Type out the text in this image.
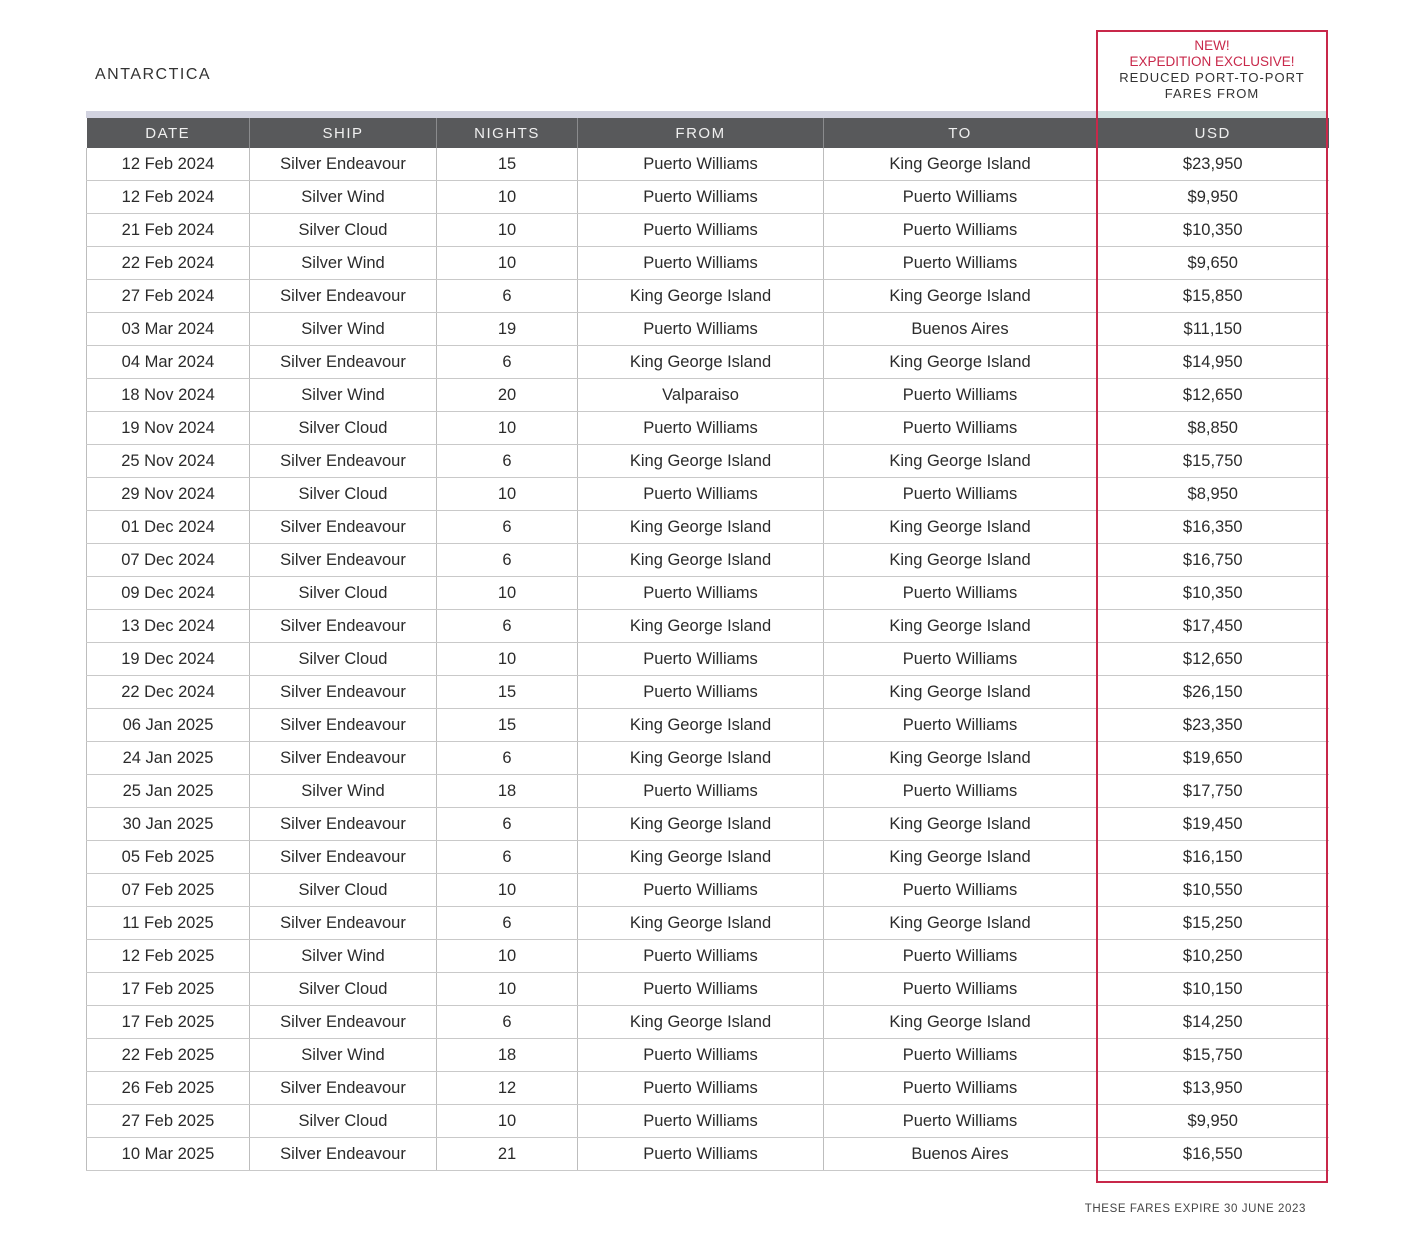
ANTARCTICA
NEW!
EXPEDITION EXCLUSIVE!
REDUCED PORT-TO-PORT
FARES FROM
DATE	SHIP	NIGHTS	FROM	TO	USD
12 Feb 2024	Silver Endeavour	15	Puerto Williams	King George Island	$23,950
12 Feb 2024	Silver Wind	10	Puerto Williams	Puerto Williams	$9,950
21 Feb 2024	Silver Cloud	10	Puerto Williams	Puerto Williams	$10,350
22 Feb 2024	Silver Wind	10	Puerto Williams	Puerto Williams	$9,650
27 Feb 2024	Silver Endeavour	6	King George Island	King George Island	$15,850
03 Mar 2024	Silver Wind	19	Puerto Williams	Buenos Aires	$11,150
04 Mar 2024	Silver Endeavour	6	King George Island	King George Island	$14,950
18 Nov 2024	Silver Wind	20	Valparaiso	Puerto Williams	$12,650
19 Nov 2024	Silver Cloud	10	Puerto Williams	Puerto Williams	$8,850
25 Nov 2024	Silver Endeavour	6	King George Island	King George Island	$15,750
29 Nov 2024	Silver Cloud	10	Puerto Williams	Puerto Williams	$8,950
01 Dec 2024	Silver Endeavour	6	King George Island	King George Island	$16,350
07 Dec 2024	Silver Endeavour	6	King George Island	King George Island	$16,750
09 Dec 2024	Silver Cloud	10	Puerto Williams	Puerto Williams	$10,350
13 Dec 2024	Silver Endeavour	6	King George Island	King George Island	$17,450
19 Dec 2024	Silver Cloud	10	Puerto Williams	Puerto Williams	$12,650
22 Dec 2024	Silver Endeavour	15	Puerto Williams	King George Island	$26,150
06 Jan 2025	Silver Endeavour	15	King George Island	Puerto Williams	$23,350
24 Jan 2025	Silver Endeavour	6	King George Island	King George Island	$19,650
25 Jan 2025	Silver Wind	18	Puerto Williams	Puerto Williams	$17,750
30 Jan 2025	Silver Endeavour	6	King George Island	King George Island	$19,450
05 Feb 2025	Silver Endeavour	6	King George Island	King George Island	$16,150
07 Feb 2025	Silver Cloud	10	Puerto Williams	Puerto Williams	$10,550
11 Feb 2025	Silver Endeavour	6	King George Island	King George Island	$15,250
12 Feb 2025	Silver Wind	10	Puerto Williams	Puerto Williams	$10,250
17 Feb 2025	Silver Cloud	10	Puerto Williams	Puerto Williams	$10,150
17 Feb 2025	Silver Endeavour	6	King George Island	King George Island	$14,250
22 Feb 2025	Silver Wind	18	Puerto Williams	Puerto Williams	$15,750
26 Feb 2025	Silver Endeavour	12	Puerto Williams	Puerto Williams	$13,950
27 Feb 2025	Silver Cloud	10	Puerto Williams	Puerto Williams	$9,950
10 Mar 2025	Silver Endeavour	21	Puerto Williams	Buenos Aires	$16,550
THESE FARES EXPIRE 30 JUNE 2023
